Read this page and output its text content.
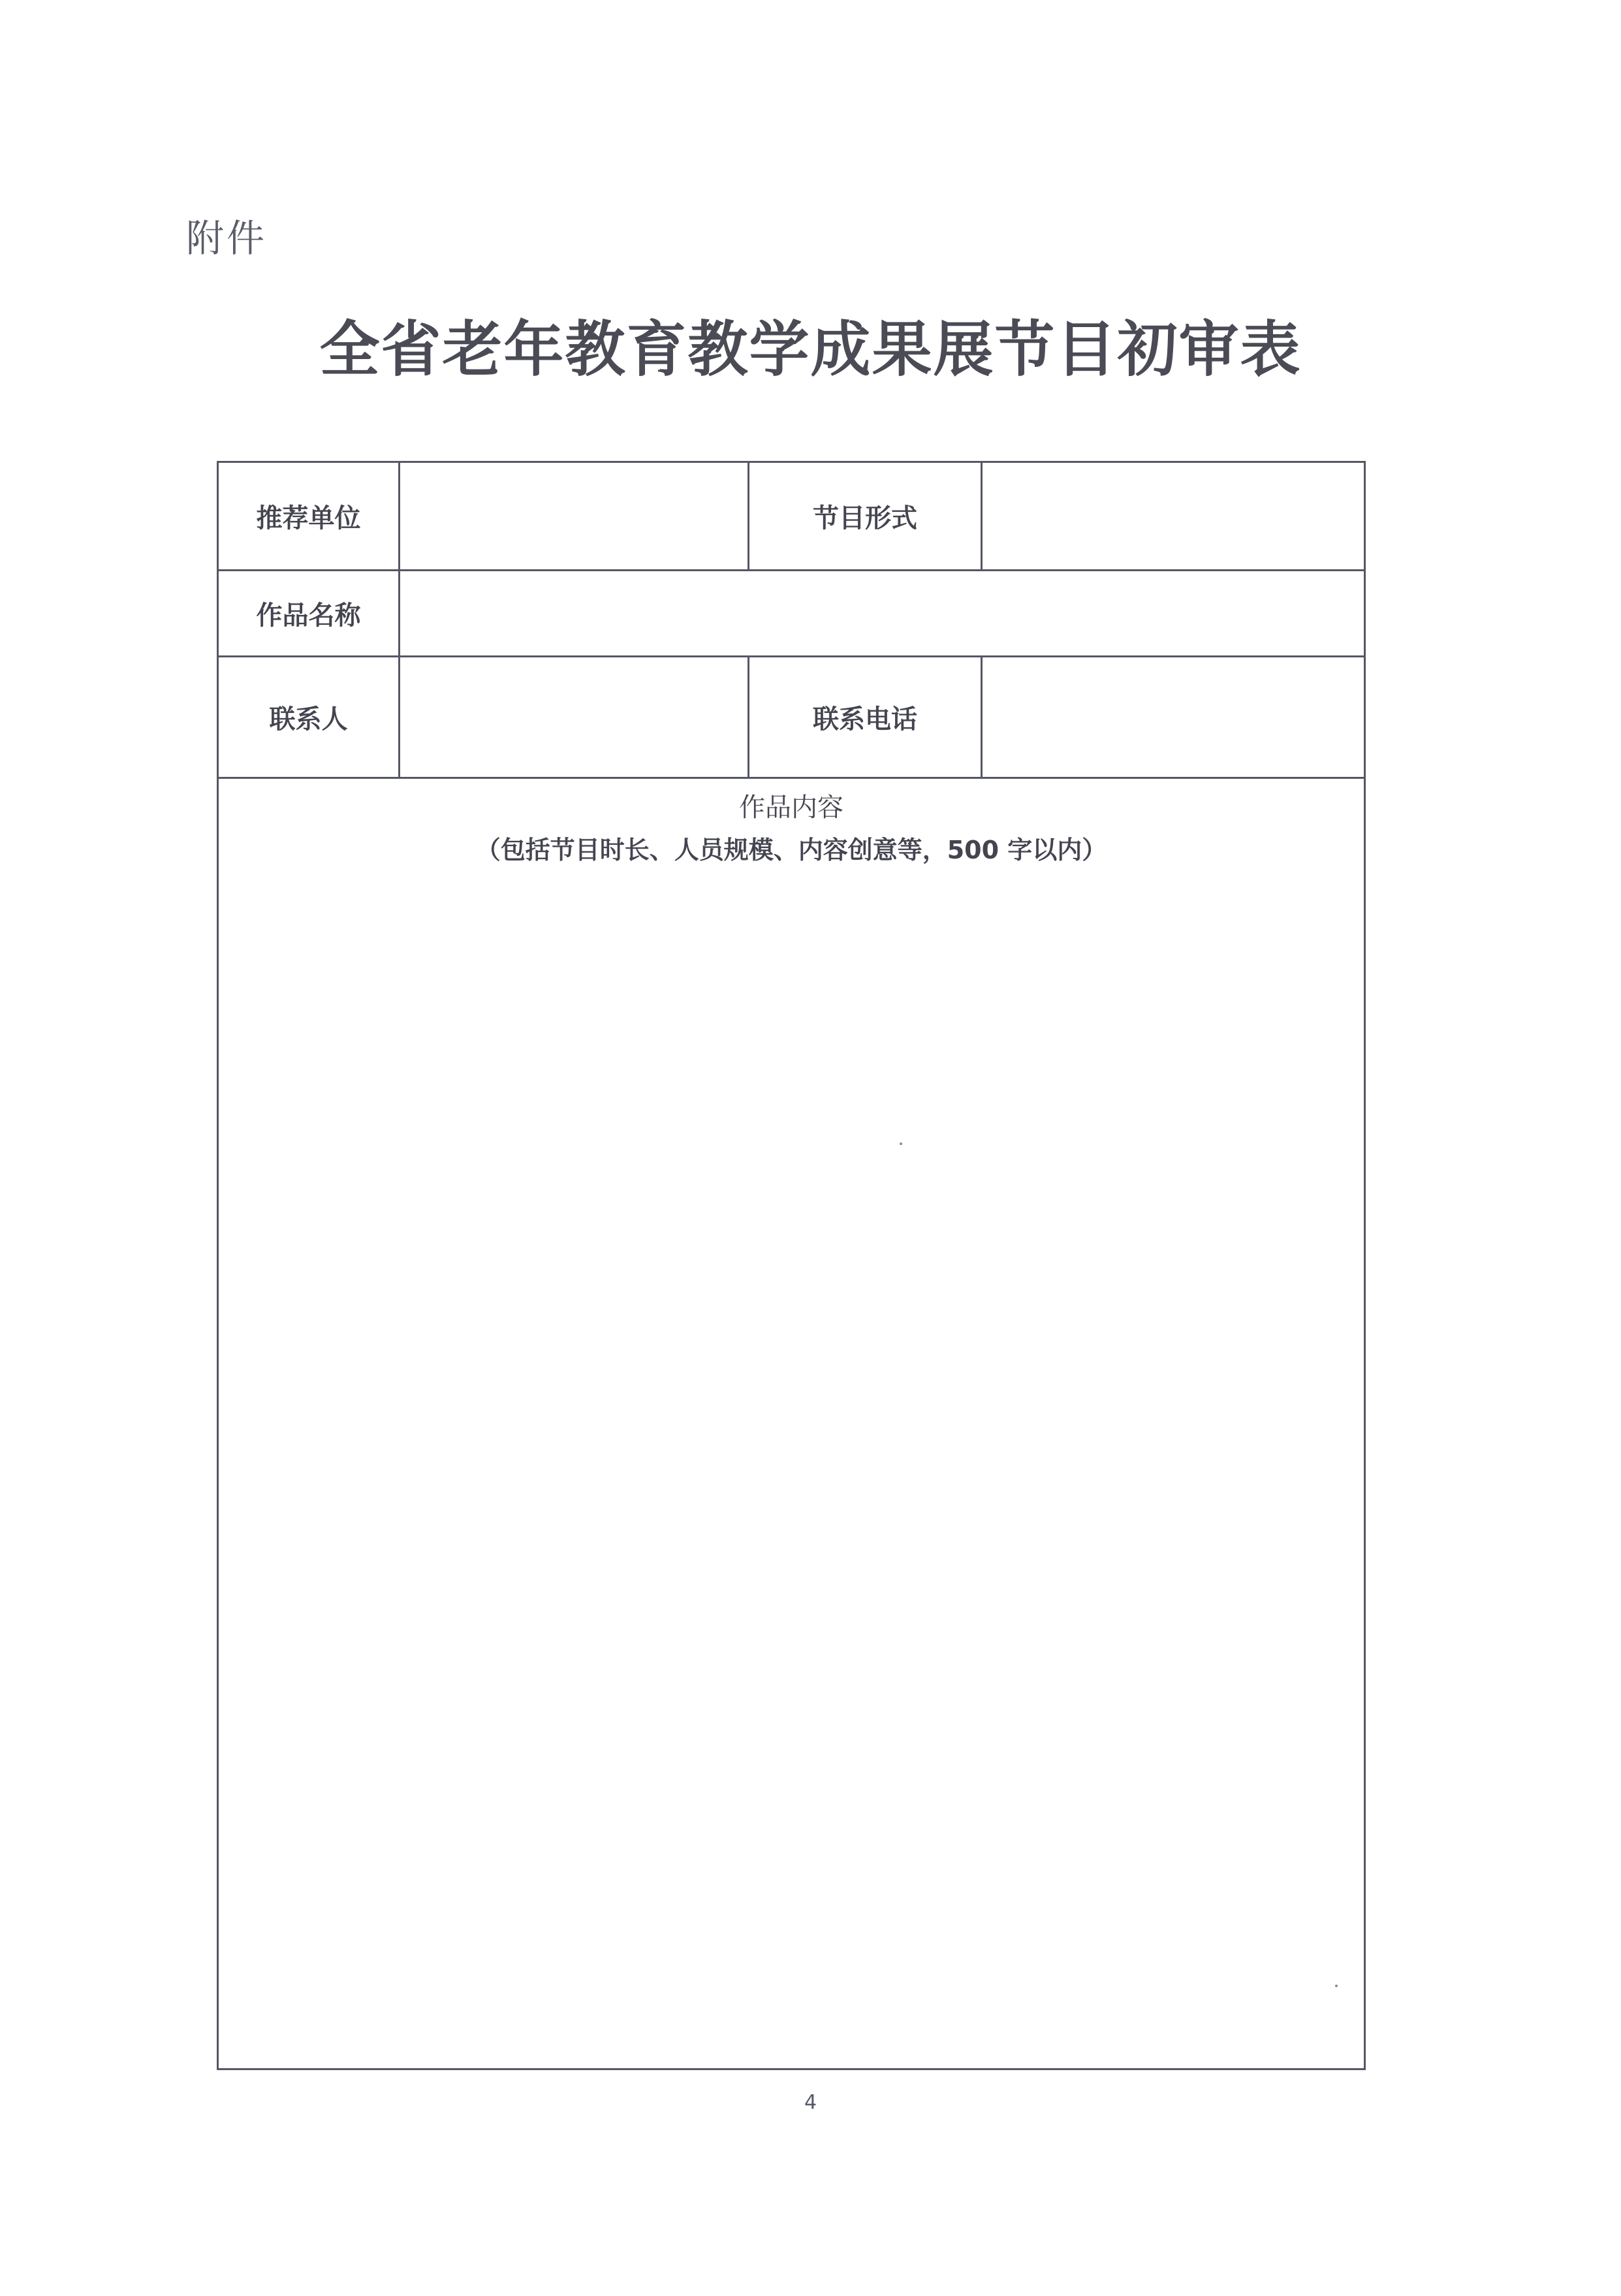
附件
全省老年教育教学成果展节目初审表
推荐单位	节目形式
作品名称
联系人	联系电话
作品内容
（包括节目时长、人员规模、内容创意等，500 字以内）
4
